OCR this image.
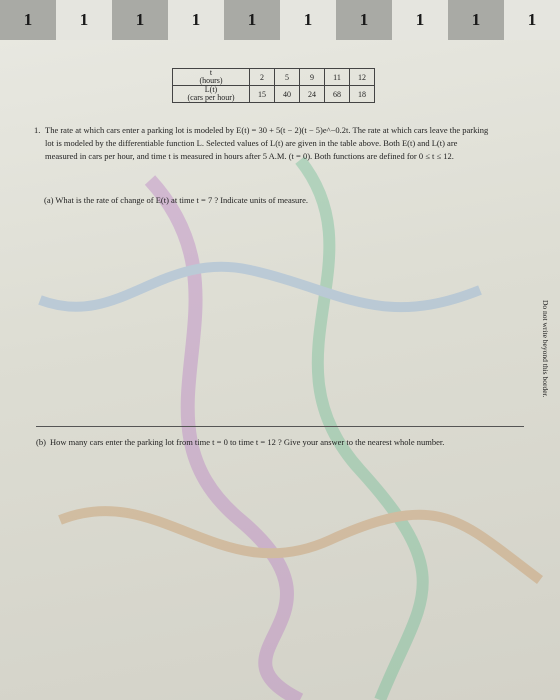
1	1	1	1	1	1	1	1	1	1
t
(hours)	2	5	9	11	12

L(t)
(cars per hour)	15	40	24	68	18
1. The rate at which cars enter a parking lot is modeled by E(t) = 30 + 5(t − 2)(t − 5)e^−0.2t. The rate at which cars leave the parking lot is modeled by the differentiable function L. Selected values of L(t) are given in the table above. Both E(t) and L(t) are measured in cars per hour, and time t is measured in hours after 5 A.M. (t = 0). Both functions are defined for 0 ≤ t ≤ 12.
(a) What is the rate of change of E(t) at time t = 7 ? Indicate units of measure.
(b) How many cars enter the parking lot from time t = 0 to time t = 12 ? Give your answer to the nearest whole number.
Do not write beyond this border.
